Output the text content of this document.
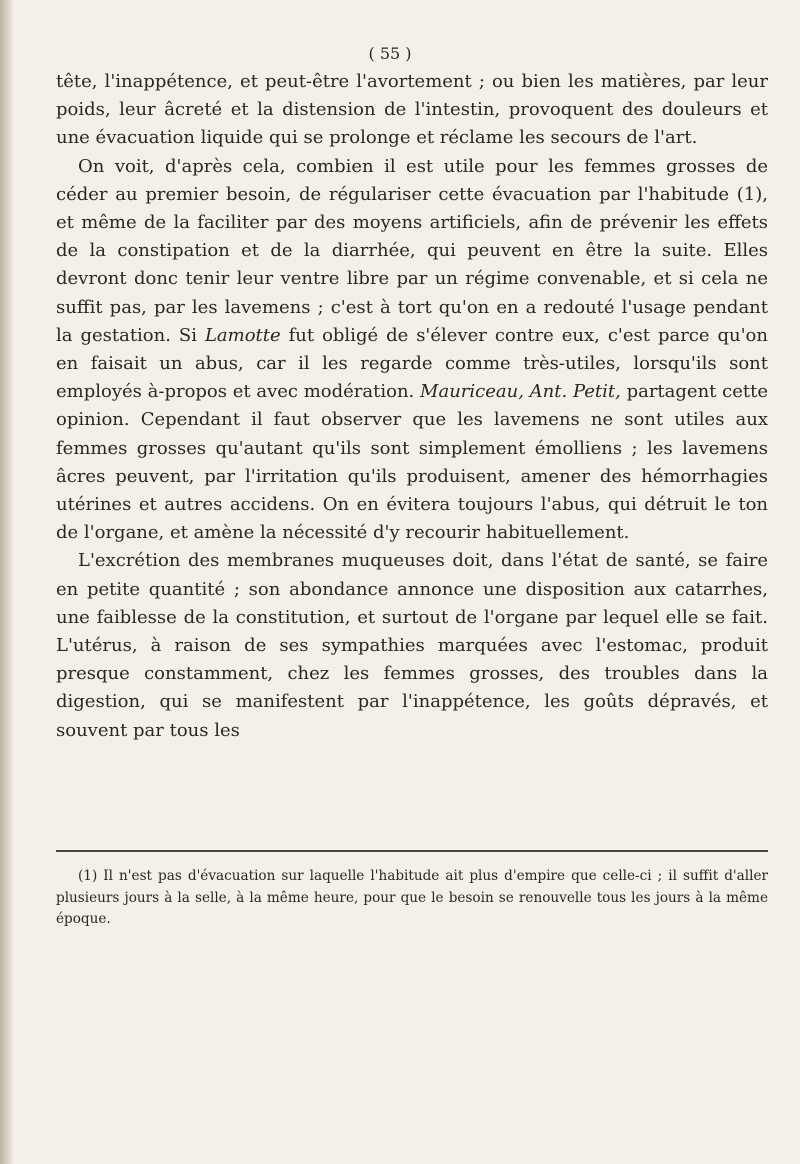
( 55 )

tête, l'inappétence, et peut-être l'avortement ; ou bien les matières, par leur poids, leur âcreté et la distension de l'intestin, provoquent des douleurs et une évacuation liquide qui se prolonge et réclame les secours de l'art.

On voit, d'après cela, combien il est utile pour les femmes grosses de céder au premier besoin, de régulariser cette évacuation par l'habitude (1), et même de la faciliter par des moyens artificiels, afin de prévenir les effets de la constipation et de la diarrhée, qui peuvent en être la suite. Elles devront donc tenir leur ventre libre par un régime convenable, et si cela ne suffit pas, par les lavemens ; c'est à tort qu'on en a redouté l'usage pendant la gestation. Si Lamotte fut obligé de s'élever contre eux, c'est parce qu'on en faisait un abus, car il les regarde comme très-utiles, lorsqu'ils sont employés à-propos et avec modération. Mauriceau, Ant. Petit, partagent cette opinion. Cependant il faut observer que les lavemens ne sont utiles aux femmes grosses qu'autant qu'ils sont simplement émolliens ; les lavemens âcres peuvent, par l'irritation qu'ils produisent, amener des hémorrhagies utérines et autres accidens. On en évitera toujours l'abus, qui détruit le ton de l'organe, et amène la nécessité d'y recourir habituellement.

L'excrétion des membranes muqueuses doit, dans l'état de santé, se faire en petite quantité ; son abondance annonce une disposition aux catarrhes, une faiblesse de la constitution, et surtout de l'organe par lequel elle se fait. L'utérus, à raison de ses sympathies marquées avec l'estomac, produit presque constamment, chez les femmes grosses, des troubles dans la digestion, qui se manifestent par l'inappétence, les goûts dépravés, et souvent par tous les

(1) Il n'est pas d'évacuation sur laquelle l'habitude ait plus d'empire que celle-ci ; il suffit d'aller plusieurs jours à la selle, à la même heure, pour que le besoin se renouvelle tous les jours à la même époque.
